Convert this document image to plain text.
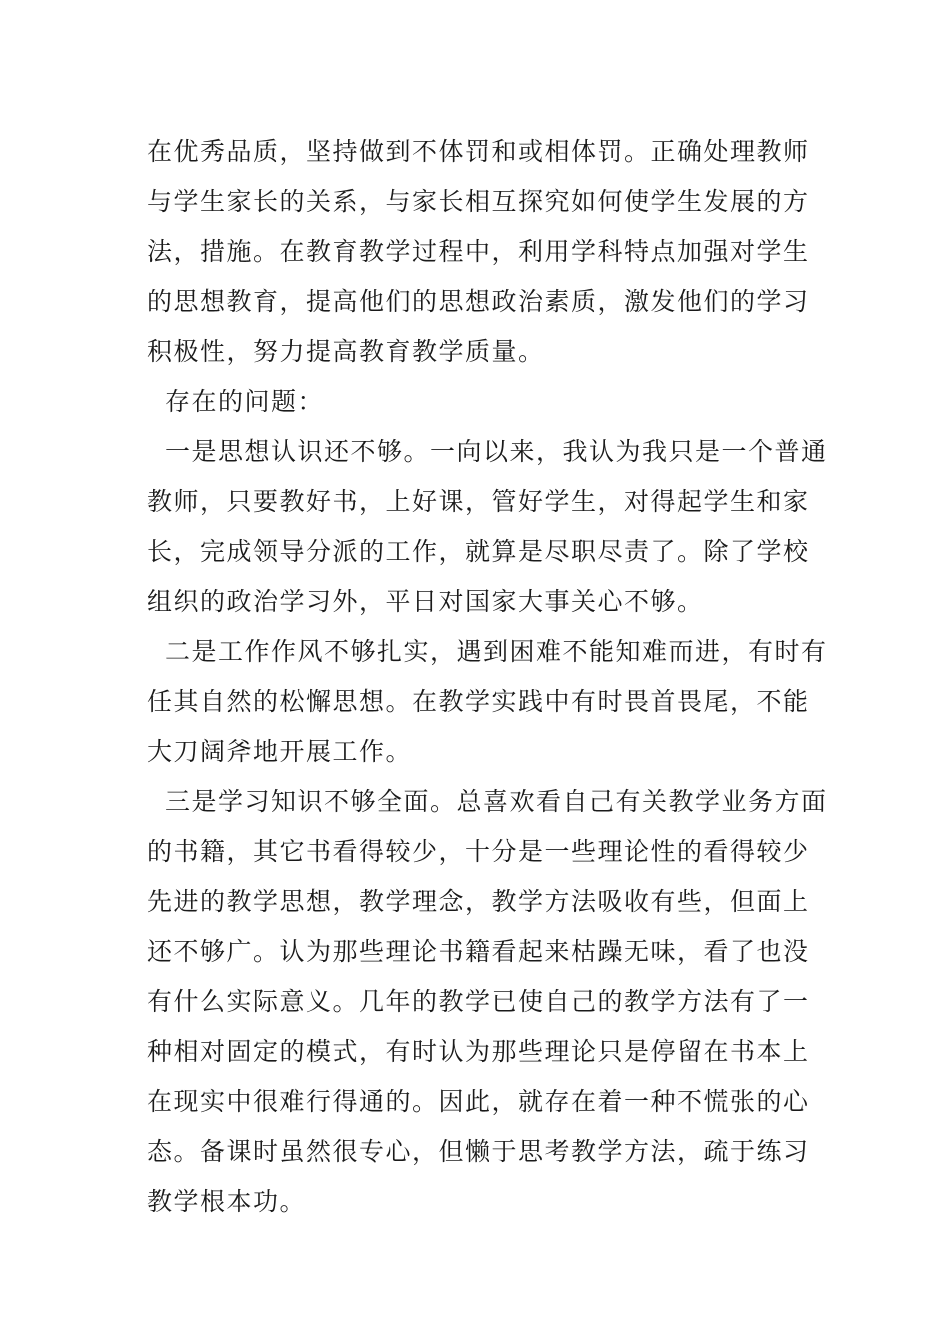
在优秀品质，坚持做到不体罚和或相体罚。正确处理教师
与学生家长的关系，与家长相互探究如何使学生发展的方
法，措施。在教育教学过程中，利用学科特点加强对学生
的思想教育，提高他们的思想政治素质，激发他们的学习
积极性，努力提高教育教学质量。
存在的问题：
一是思想认识还不够。一向以来，我认为我只是一个普通
教师，只要教好书，上好课，管好学生，对得起学生和家
长，完成领导分派的工作，就算是尽职尽责了。除了学校
组织的政治学习外，平日对国家大事关心不够。
二是工作作风不够扎实，遇到困难不能知难而进，有时有
任其自然的松懈思想。在教学实践中有时畏首畏尾，不能
大刀阔斧地开展工作。
三是学习知识不够全面。总喜欢看自己有关教学业务方面
的书籍，其它书看得较少，十分是一些理论性的看得较少
先进的教学思想，教学理念，教学方法吸收有些，但面上
还不够广。认为那些理论书籍看起来枯躁无味，看了也没
有什么实际意义。几年的教学已使自己的教学方法有了一
种相对固定的模式，有时认为那些理论只是停留在书本上
在现实中很难行得通的。因此，就存在着一种不慌张的心
态。备课时虽然很专心，但懒于思考教学方法，疏于练习
教学根本功。
